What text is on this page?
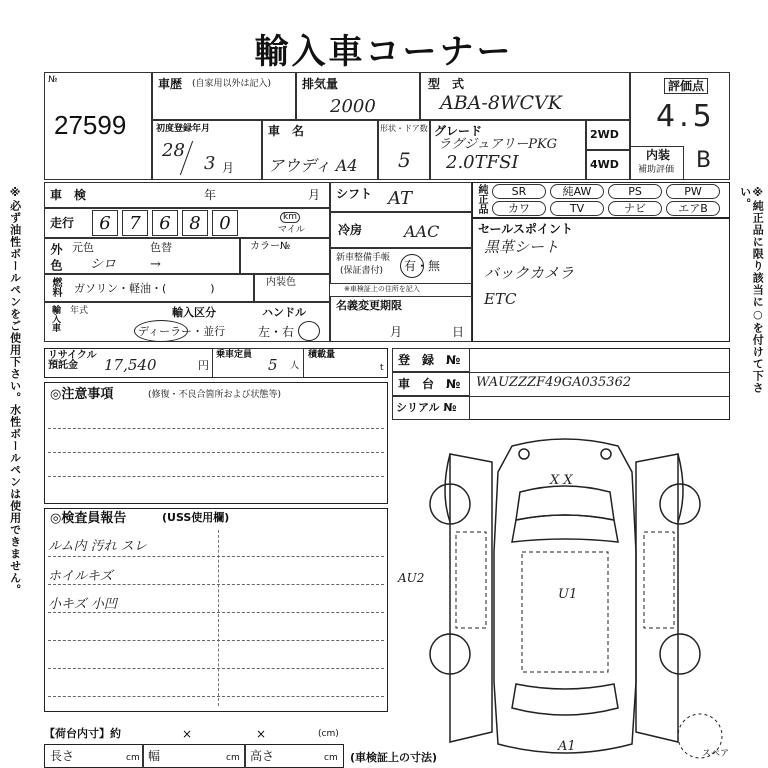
輸入車コーナー
※必ず油性ボールペンをご使用下さい。水性ボールペンは使用できません。	※純正品に限り該当に○を付けて下さい。
№
27599
車歴 (自家用以外は記入)	排気量
2000
型　式
ABA-8WCVK
評価点
4.5
初度登録年月
28
3 月
車　名
アウディ A4
形状・ドア数
5
グレード
ラグジュアリーPKG
2.0TFSI
2WD
4WD
内装
補助評価 B
車　検	年	月
走行	6	7	6	8	0	km
マイル
シフト AT
冷房	AAC
外色 元色	色替
シロ	→
カラー№
燃料 ガソリン・軽油・(　　　　)	内装色
新車整備手帳
(保証書付) 有・無
※車検証上の住所を記入
輸入車 年式	輸入区分
ディーラー・並行
ハンドル
左・右
名義変更期限
月	日
純正品	SR	純AW	PS	PW
カワ	TV	ナビ	エアB
セールスポイント
黒革シート
バックカメラ
ETC
リサイクル預託金	17,540	円
乗車定員
5 人
積載量
t
登　録　№
車　台　№ WAUZZZF49GA035362
シリアル №
◎注意事項	(修復・不良合箇所および状態等)
◎検査員報告	(USS使用欄)
ルム内 汚れ スレ
ホイルキズ
小キズ 小凹
X X
U1
AU2
A1	スペア
【荷台内寸】約	×	×	(cm)
長さ	cm 幅	cm 高さ	cm (車検証上の寸法)
